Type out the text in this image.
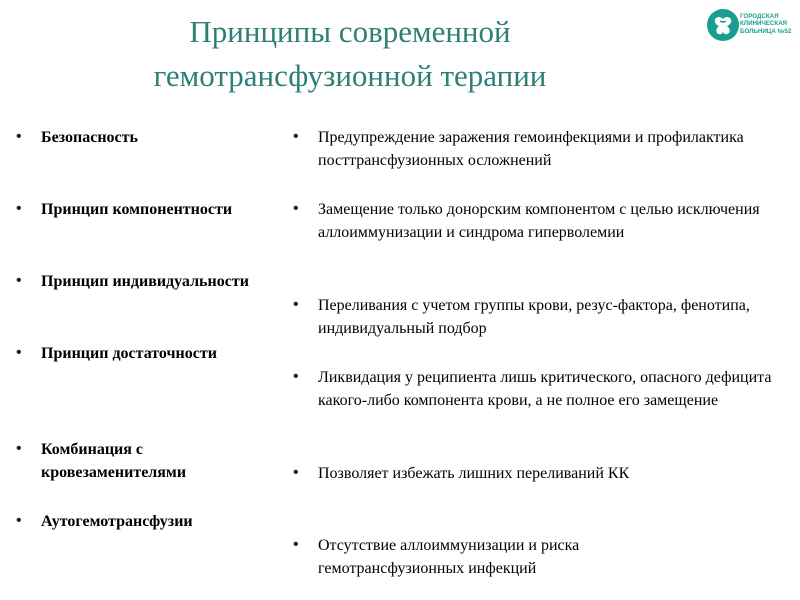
Принципы современной
гемотрансфузионной терапии
ГОРОДСКАЯ
КЛИНИЧЕСКАЯ
БОЛЬНИЦА №52
• Безопасность
• Принцип компонентности
• Принцип индивидуальности
• Принцип достаточности
• Комбинация с кровезаменителями
• Аутогемотрансфузии
• Предупреждение заражения гемоинфекциями и профилактика посттрансфузионных осложнений
• Замещение только донорским компонентом с целью исключения аллоиммунизации и синдрома гиперволемии
• Переливания с учетом группы крови, резус-фактора, фенотипа, индивидуальный подбор
• Ликвидация у реципиента лишь критического, опасного дефицита какого-либо компонента крови, а не полное его замещение
• Позволяет избежать лишних переливаний КК
• Отсутствие аллоиммунизации и риска гемотрансфузионных инфекций
